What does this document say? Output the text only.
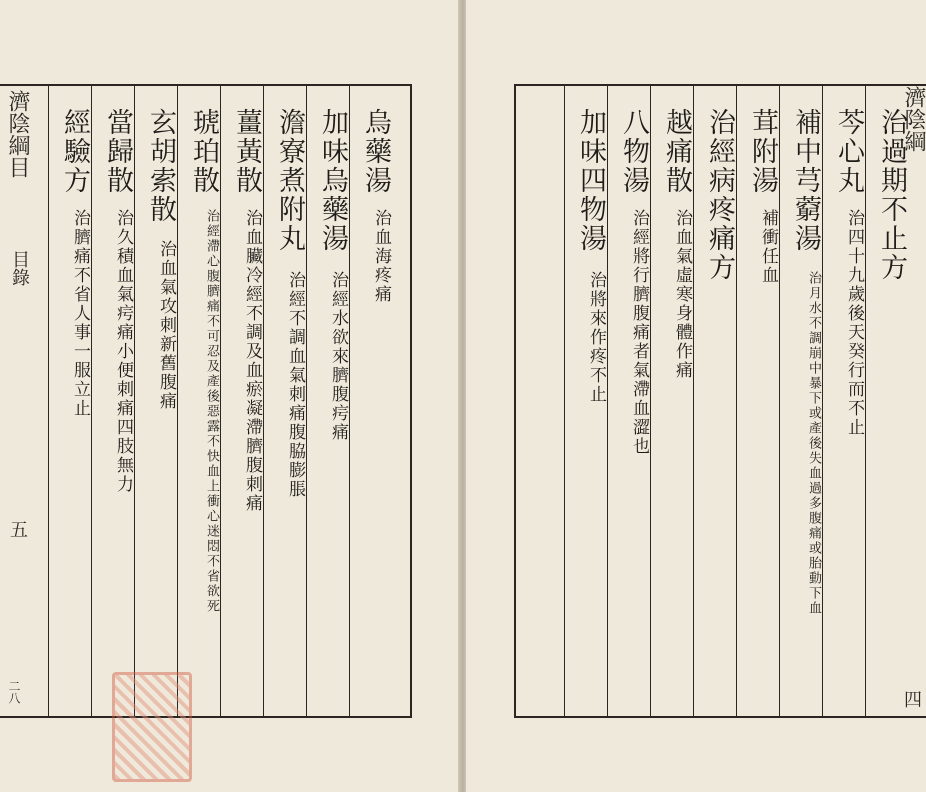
濟陰綱目
目錄
五
二八
烏藥湯
治血海疼痛
加味烏藥湯
治經水欲來臍腹疞痛
澹寮煮附丸
治經不調血氣刺痛腹脇膨脹
薑黃散
治血臟冷經不調及血瘀凝滯臍腹刺痛
琥珀散
治經滯心腹臍痛不可忍及產後惡露不快血上衝心迷悶不省欲死
玄胡索散
治血氣攻刺新舊腹痛
當歸散
治久積血氣疞痛小便刺痛四肢無力
經驗方
治臍痛不省人事一服立止
治過期不止方
芩心丸
治四十九歲後天癸行而不止
補中芎藭湯
治月水不調崩中暴下或產後失血過多腹痛或胎動下血
茸附湯
補衝任血
治經病疼痛方
越痛散
治血氣虛寒身體作痛
八物湯
治經將行臍腹痛者氣滯血澀也
加味四物湯
治將來作疼不止
濟陰綱
四
